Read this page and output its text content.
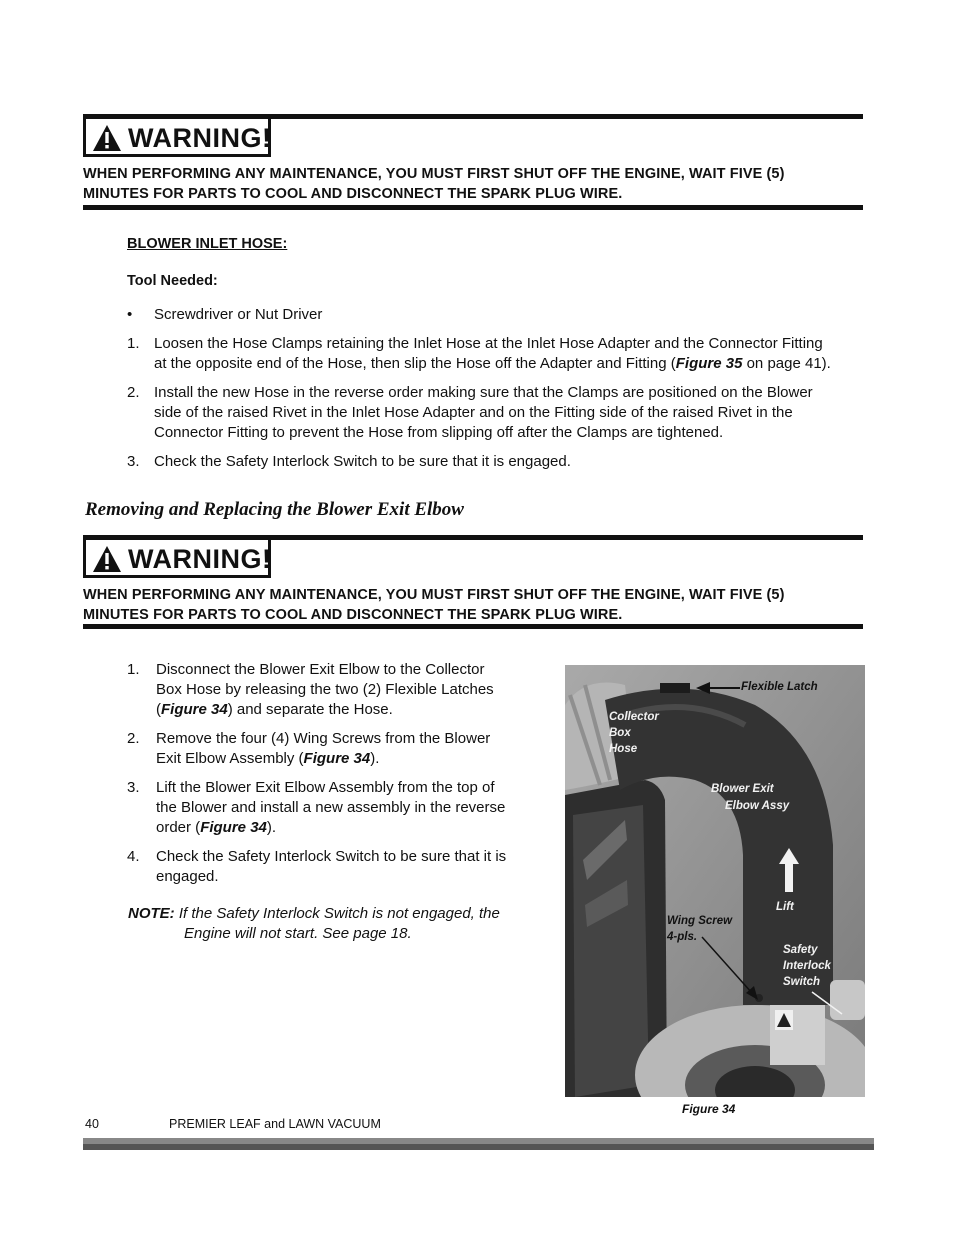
WARNING!
WHEN PERFORMING ANY MAINTENANCE, YOU MUST FIRST SHUT OFF THE ENGINE, WAIT FIVE (5)
MINUTES FOR PARTS TO COOL AND DISCONNECT THE SPARK PLUG WIRE.
BLOWER INLET HOSE:
Tool Needed:
• Screwdriver or Nut Driver
1. Loosen the Hose Clamps retaining the Inlet Hose at the Inlet Hose Adapter and the Connector Fitting
at the opposite end of the Hose, then slip the Hose off the Adapter and Fitting (Figure 35 on page 41).
2. Install the new Hose in the reverse order making sure that the Clamps are positioned on the Blower
side of the raised Rivet in the Inlet Hose Adapter and on the Fitting side of the raised Rivet in the
Connector Fitting to prevent the Hose from slipping off after the Clamps are tightened.
3. Check the Safety Interlock Switch to be sure that it is engaged.
Removing and Replacing the Blower Exit Elbow
WARNING!
WHEN PERFORMING ANY MAINTENANCE, YOU MUST FIRST SHUT OFF THE ENGINE, WAIT FIVE (5)
MINUTES FOR PARTS TO COOL AND DISCONNECT THE SPARK PLUG WIRE.
1. Disconnect the Blower Exit Elbow to the Collector
Box Hose by releasing the two (2) Flexible Latches
(Figure 34) and separate the Hose.
2. Remove the four (4) Wing Screws from the Blower
Exit Elbow Assembly (Figure 34).
3. Lift the Blower Exit Elbow Assembly from the top of
the Blower and install a new assembly in the reverse
order (Figure 34).
4. Check the Safety Interlock Switch to be sure that it is
engaged.
NOTE: If the Safety Interlock Switch is not engaged, the
Engine will not start. See page 18.
Flexible Latch
Collector
Box
Hose
Blower Exit
Elbow Assy
Lift
Wing Screw
4-pls.
Safety
Interlock
Switch
Figure 34
40	PREMIER LEAF and LAWN VACUUM
